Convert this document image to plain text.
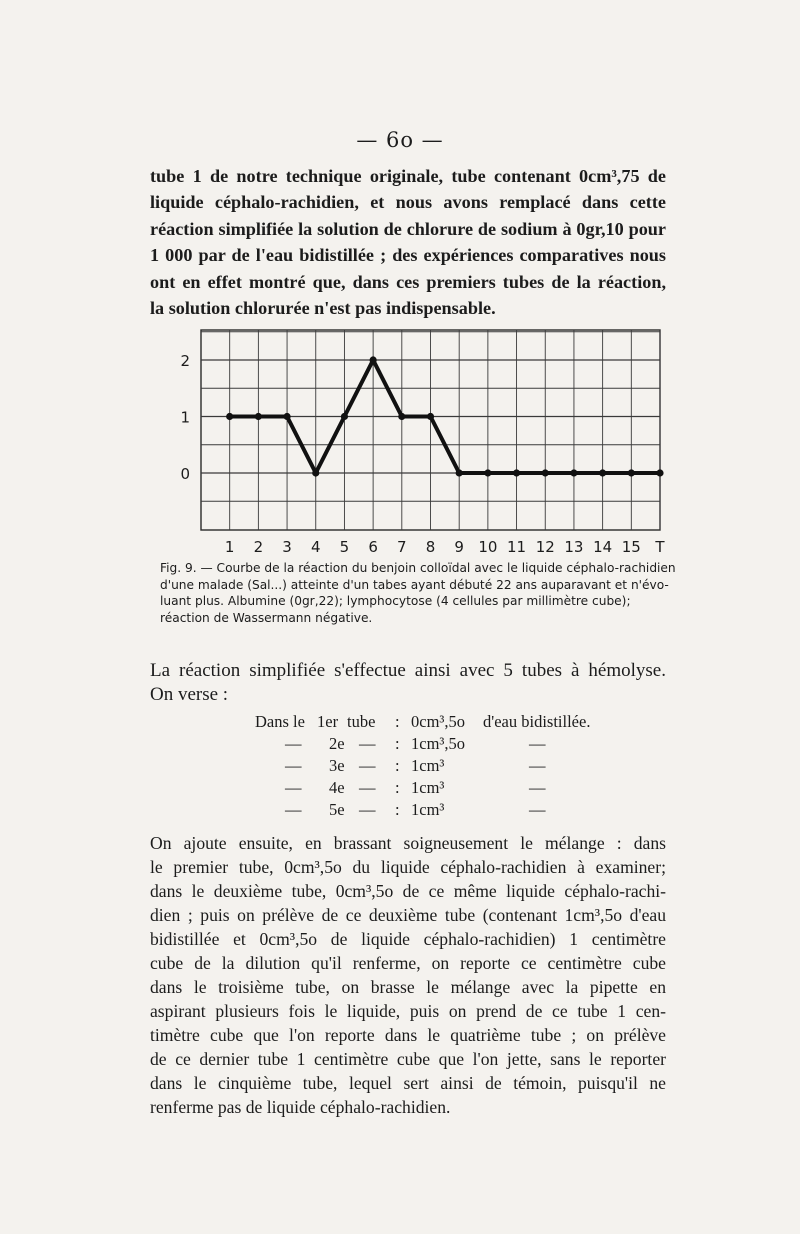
— 6o —
tube 1 de notre technique originale, tube contenant 0cm³,75 de
liquide céphalo-rachidien, et nous avons remplacé dans cette
réaction simplifiée la solution de chlorure de sodium à 0gr,10 pour
1 000 par de l'eau bidistillée ; des expériences comparatives nous
ont en effet montré que, dans ces premiers tubes de la réaction,
la solution chlorurée n'est pas indispensable.
0
1
2
1 2 3 4 5 6 7 8 9 10 11 12 13 14 15 T
Fig. 9. — Courbe de la réaction du benjoin colloïdal avec le liquide céphalo-rachidien
d'une malade (Sal...) atteinte d'un tabes ayant débuté 22 ans auparavant et n'évo-
luant plus. Albumine (0gr,22); lymphocytose (4 cellules par millimètre cube);
réaction de Wassermann négative.
La réaction simplifiée s'effectue ainsi avec 5 tubes à hémolyse.
On verse :
Dans le 1er tube : 0cm³,5o d'eau bidistillée.
— 2e — : 1cm³,5o	—
— 3e — : 1cm³	—
— 4e — : 1cm³	—
— 5e — : 1cm³	—
On ajoute ensuite, en brassant soigneusement le mélange : dans
le premier tube, 0cm³,5o du liquide céphalo-rachidien à examiner;
dans le deuxième tube, 0cm³,5o de ce même liquide céphalo-rachi-
dien ; puis on prélève de ce deuxième tube (contenant 1cm³,5o d'eau
bidistillée et 0cm³,5o de liquide céphalo-rachidien) 1 centimètre
cube de la dilution qu'il renferme, on reporte ce centimètre cube
dans le troisième tube, on brasse le mélange avec la pipette en
aspirant plusieurs fois le liquide, puis on prend de ce tube 1 cen-
timètre cube que l'on reporte dans le quatrième tube ; on prélève
de ce dernier tube 1 centimètre cube que l'on jette, sans le reporter
dans le cinquième tube, lequel sert ainsi de témoin, puisqu'il ne
renferme pas de liquide céphalo-rachidien.
